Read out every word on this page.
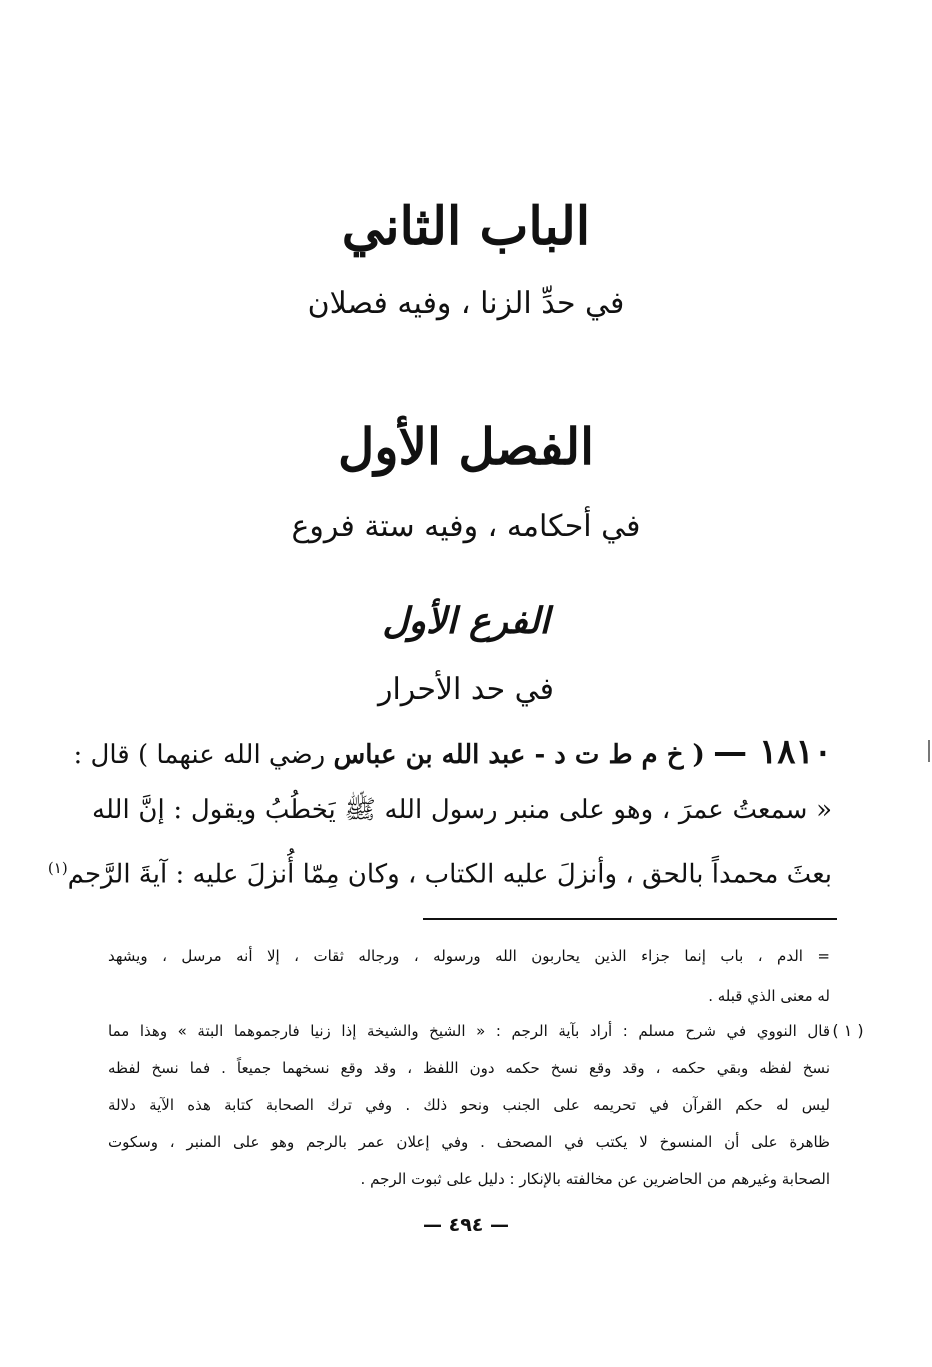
الباب الثاني
في حدِّ الزنا ، وفيه فصلان
الفصل الأول
في أحكامه ، وفيه ستة فروع
الفرع الأول
في حد الأحرار
١٨١٠ — ( خ م ط ت د - عبد الله بن عباس رضي الله عنهما ) قال :
« سمعتُ عمرَ ، وهو على منبر رسول الله ﷺ يَخطُبُ ويقول : إنَّ الله
بعثَ محمداً بالحق ، وأنزلَ عليه الكتاب ، وكان مِمّا أُنزلَ عليه : آيةَ الرَّجم$^{(١)}$
= الدم ، باب إنما جزاء الذين يحاربون الله ورسوله ، ورجاله ثقات ، إلا أنه مرسل ، ويشهد
له معنى الذي قبله .
( ١ )
قال النووي في شرح مسلم : أراد بآية الرجم : « الشيخ والشيخة إذا زنيا فارجموهما البتة » وهذا مما
نسخ لفظه وبقي حكمه ، وقد وقع نسخ حكمه دون اللفظ ، وقد وقع نسخهما جميعاً . فما نسخ لفظه
ليس له حكم القرآن في تحريمه على الجنب ونحو ذلك . وفي ترك الصحابة كتابة هذه الآية دلالة
ظاهرة على أن المنسوخ لا يكتب في المصحف . وفي إعلان عمر بالرجم وهو على المنبر ، وسكوت
الصحابة وغيرهم من الحاضرين عن مخالفته بالإنكار : دليل على ثبوت الرجم .
— ٤٩٤ —
